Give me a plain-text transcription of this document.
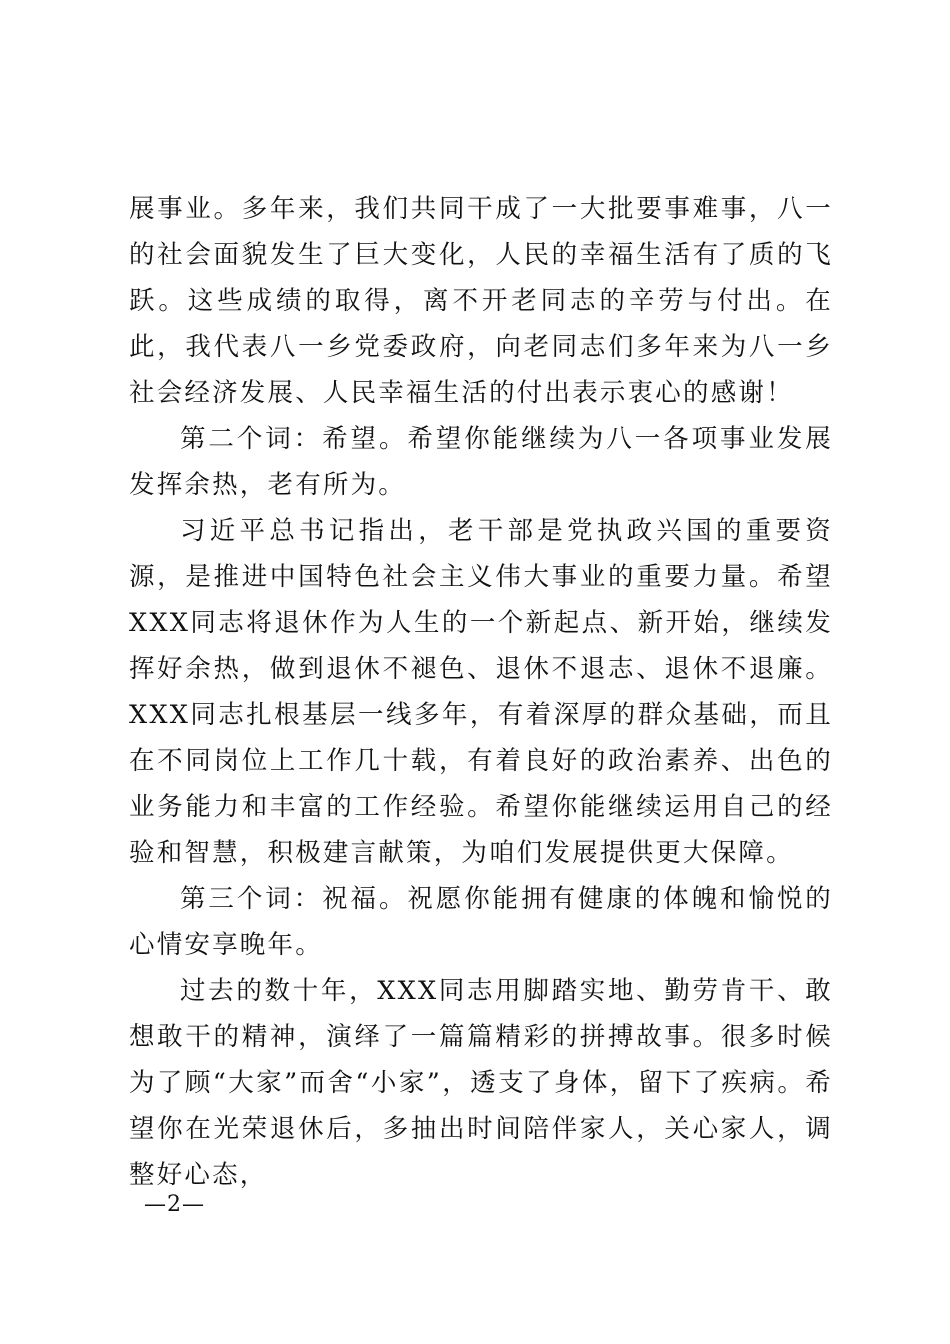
展事业。多年来，我们共同干成了一大批要事难事，八一的社会面貌发生了巨大变化，人民的幸福生活有了质的飞跃。这些成绩的取得，离不开老同志的辛劳与付出。在此，我代表八一乡党委政府，向老同志们多年来为八一乡社会经济发展、人民幸福生活的付出表示衷心的感谢！

第二个词：希望。希望你能继续为八一各项事业发展发挥余热，老有所为。

习近平总书记指出，老干部是党执政兴国的重要资源，是推进中国特色社会主义伟大事业的重要力量。希望XXX同志将退休作为人生的一个新起点、新开始，继续发挥好余热，做到退休不褪色、退休不退志、退休不退廉。XXX同志扎根基层一线多年，有着深厚的群众基础，而且在不同岗位上工作几十载，有着良好的政治素养、出色的业务能力和丰富的工作经验。希望你能继续运用自己的经验和智慧，积极建言献策，为咱们发展提供更大保障。

第三个词：祝福。祝愿你能拥有健康的体魄和愉悦的心情安享晚年。

过去的数十年，XXX同志用脚踏实地、勤劳肯干、敢想敢干的精神，演绎了一篇篇精彩的拼搏故事。很多时候为了顾“大家”而舍“小家”，透支了身体，留下了疾病。希望你在光荣退休后，多抽出时间陪伴家人，关心家人，调整好心态，

—2—
